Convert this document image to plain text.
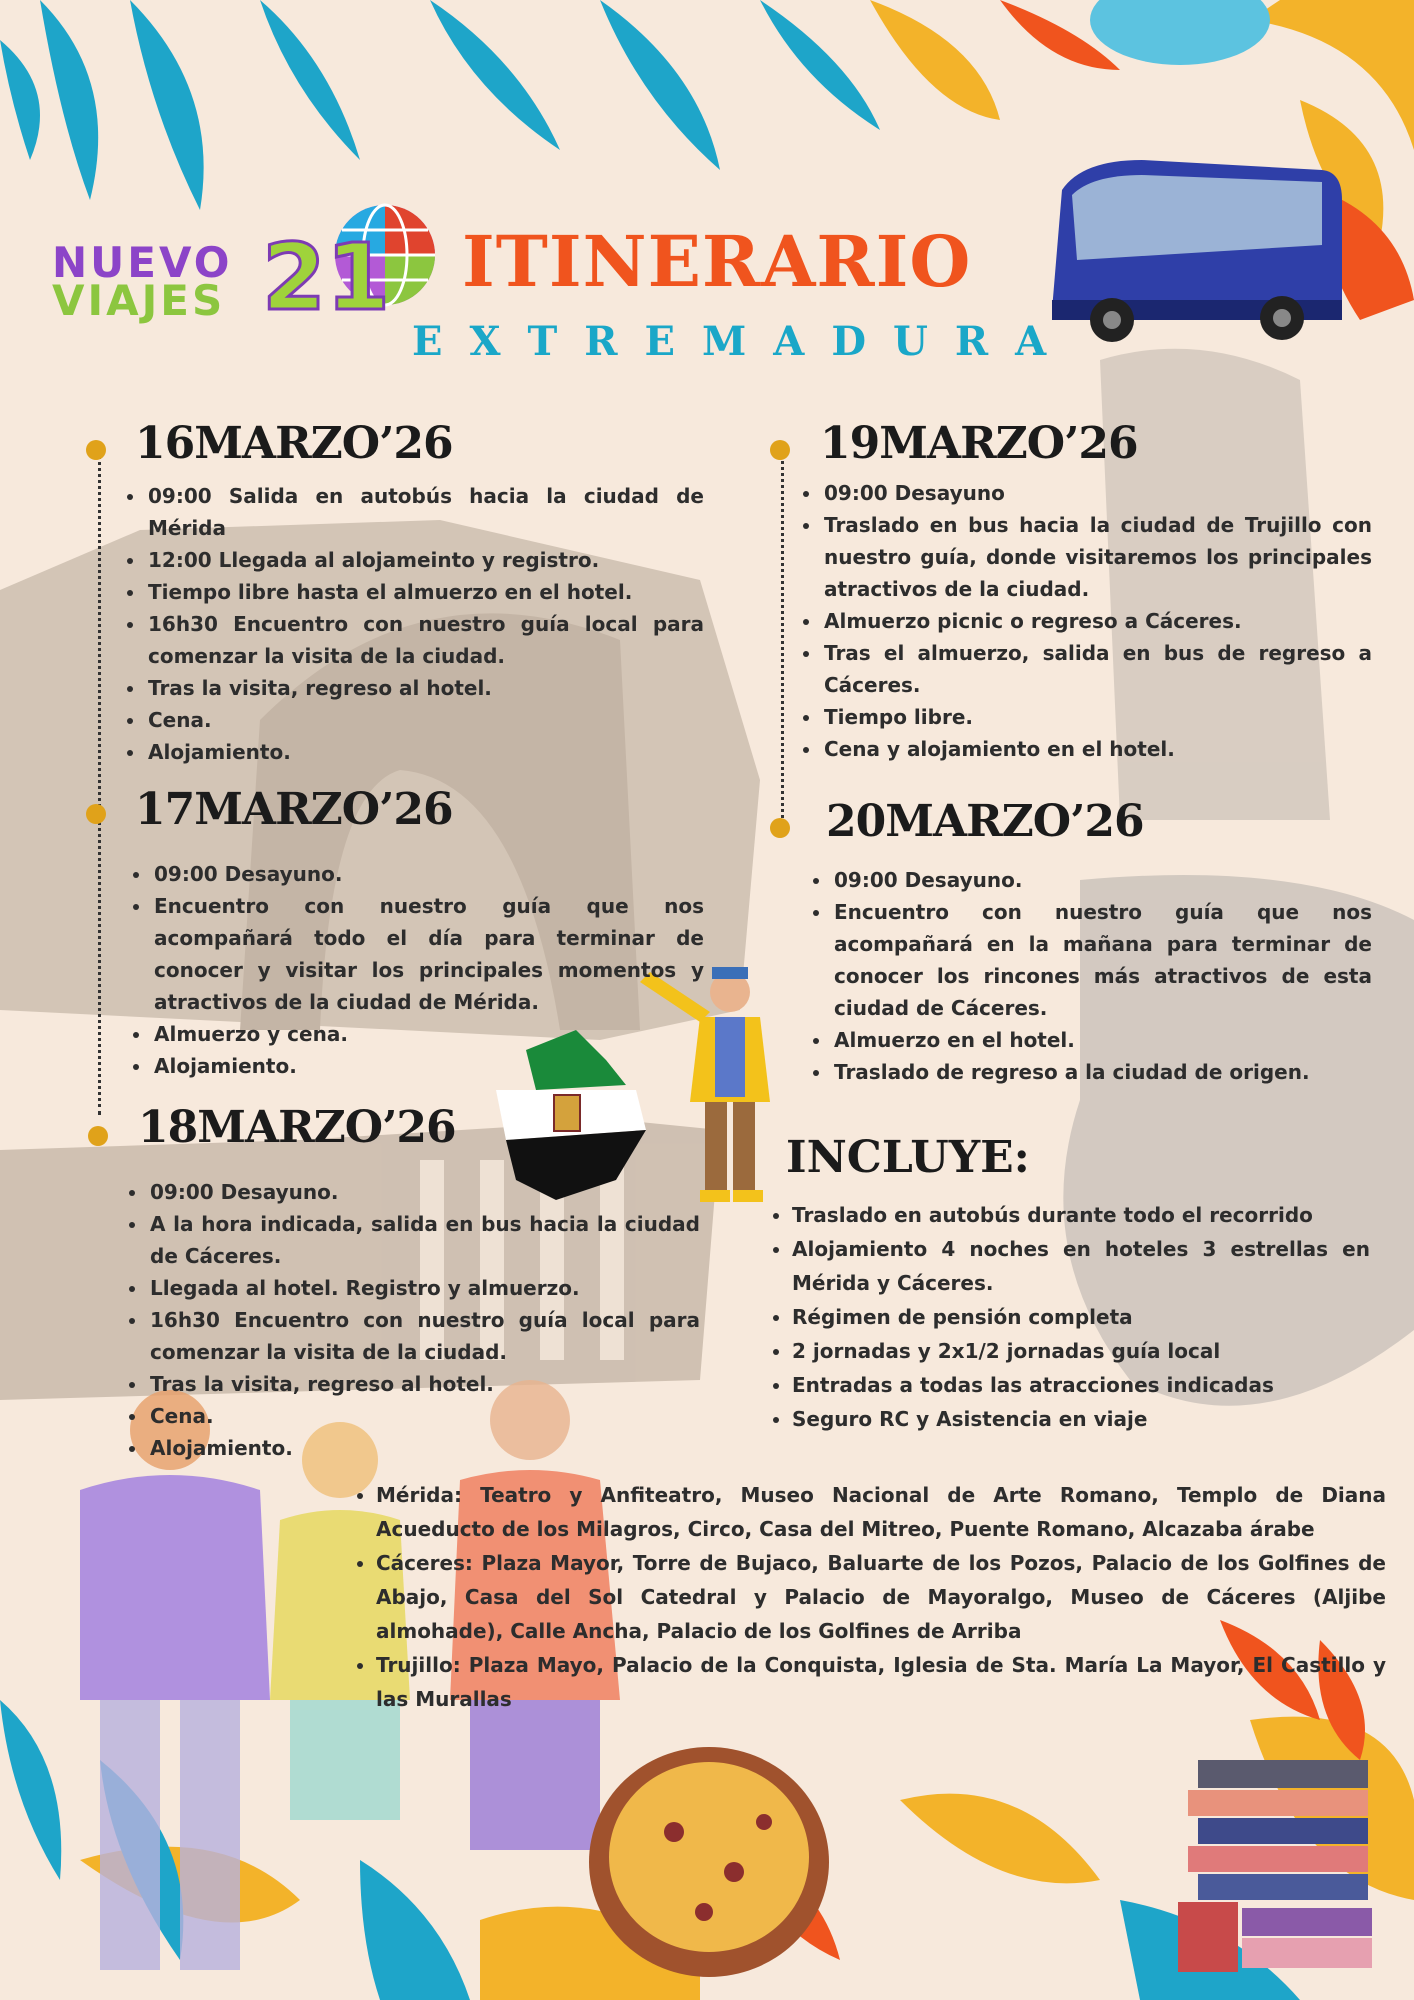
NUEVO
VIAJES 21 ITINERARIO
EXTREMADURA
16MARZO’26
• 09:00 Salida en autobús hacia la ciudad de Mérida
• 12:00 Llegada al alojameinto y registro.
• Tiempo libre hasta el almuerzo en el hotel.
• 16h30 Encuentro con nuestro guía local para comenzar la visita de la ciudad.
• Tras la visita, regreso al hotel.
• Cena.
• Alojamiento.
17MARZO’26
• 09:00 Desayuno.
• Encuentro con nuestro guía que nos acompañará todo el día para terminar de conocer y visitar los principales momentos y atractivos de la ciudad de Mérida.
• Almuerzo y cena.
• Alojamiento.
18MARZO’26
• 09:00 Desayuno.
• A la hora indicada, salida en bus hacia la ciudad de Cáceres.
• Llegada al hotel. Registro y almuerzo.
• 16h30 Encuentro con nuestro guía local para comenzar la visita de la ciudad.
• Tras la visita, regreso al hotel.
• Cena.
• Alojamiento.
19MARZO’26
• 09:00 Desayuno
• Traslado en bus hacia la ciudad de Trujillo con nuestro guía, donde visitaremos los principales atractivos de la ciudad.
• Almuerzo picnic o regreso a Cáceres.
• Tras el almuerzo, salida en bus de regreso a Cáceres.
• Tiempo libre.
• Cena y alojamiento en el hotel.
20MARZO’26
• 09:00 Desayuno.
• Encuentro con nuestro guía que nos acompañará en la mañana para terminar de conocer los rincones más atractivos de esta ciudad de Cáceres.
• Almuerzo en el hotel.
• Traslado de regreso a la ciudad de origen.
INCLUYE:
• Traslado en autobús durante todo el recorrido
• Alojamiento 4 noches en hoteles 3 estrellas en Mérida y Cáceres.
• Régimen de pensión completa
• 2 jornadas y 2x1/2 jornadas guía local
• Entradas a todas las atracciones indicadas
• Seguro RC y Asistencia en viaje
• Mérida: Teatro y Anfiteatro, Museo Nacional de Arte Romano, Templo de Diana Acueducto de los Milagros, Circo, Casa del Mitreo, Puente Romano, Alcazaba árabe
• Cáceres: Plaza Mayor, Torre de Bujaco, Baluarte de los Pozos, Palacio de los Golfines de Abajo, Casa del Sol Catedral y Palacio de Mayoralgo, Museo de Cáceres (Aljibe almohade), Calle Ancha, Palacio de los Golfines de Arriba
• Trujillo: Plaza Mayo, Palacio de la Conquista, Iglesia de Sta. María La Mayor, El Castillo y las Murallas
